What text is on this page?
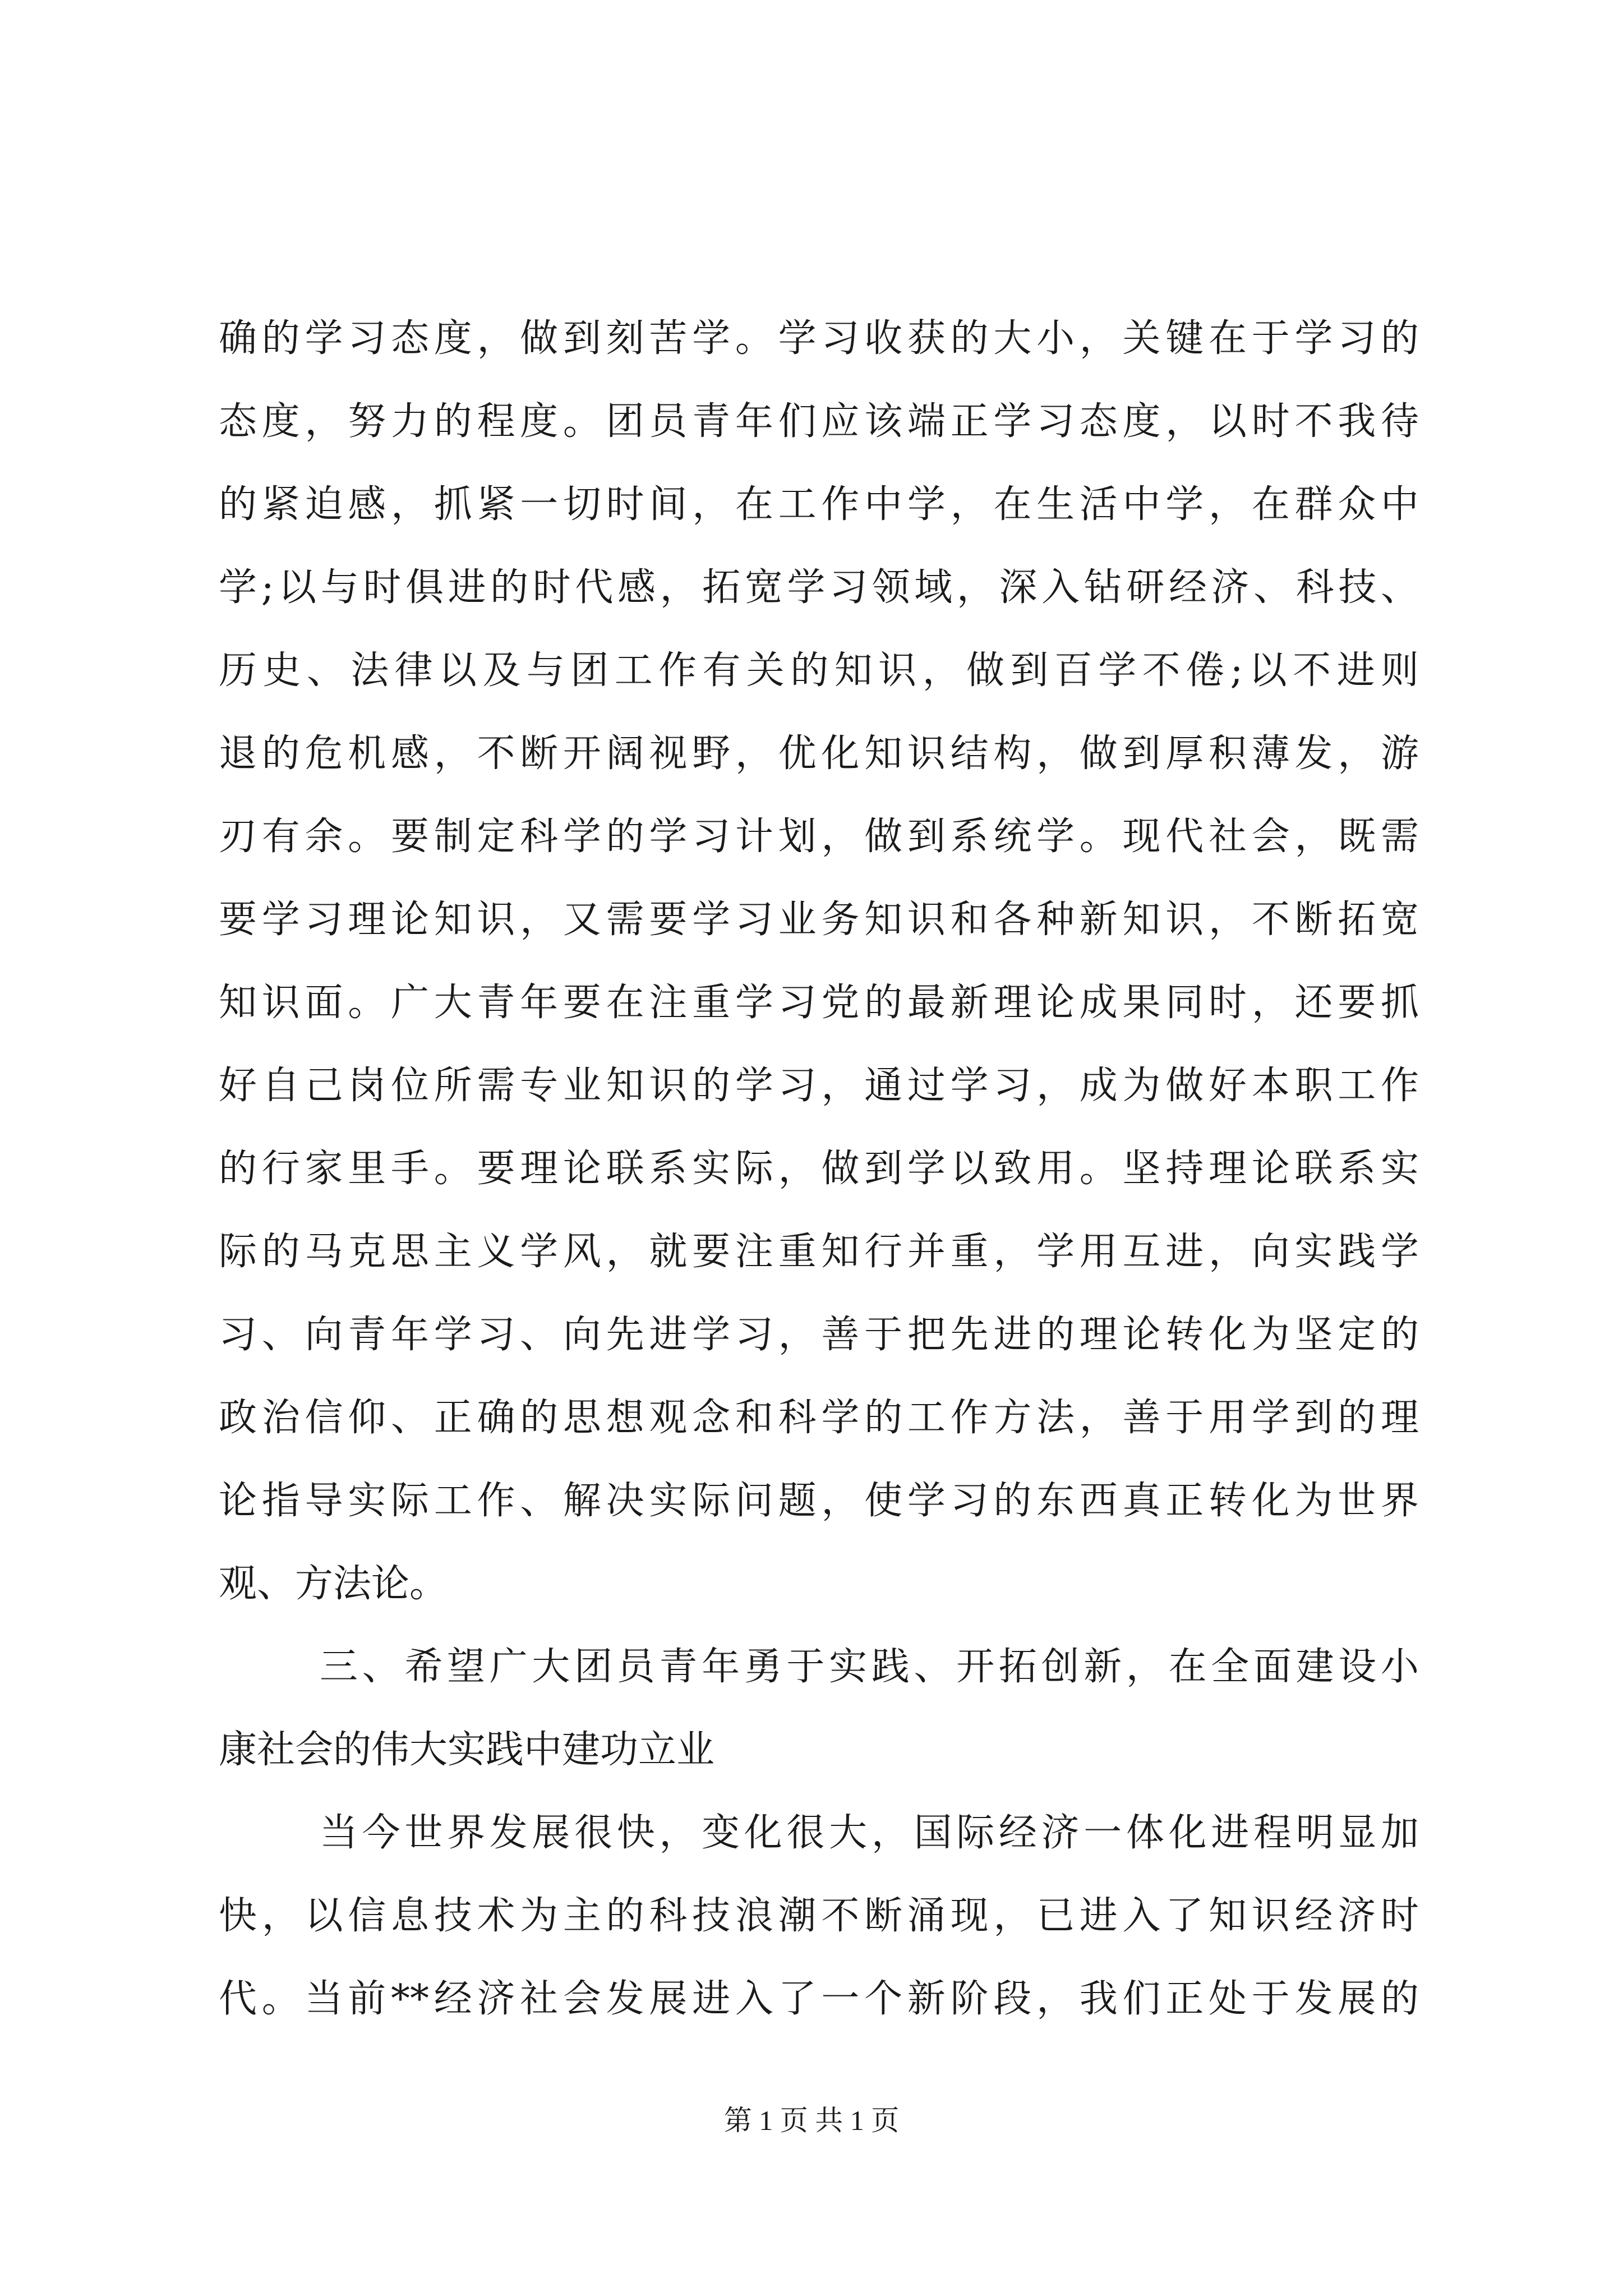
确的学习态度，做到刻苦学。学习收获的大小，关键在于学习的
态度，努力的程度。团员青年们应该端正学习态度，以时不我待
的紧迫感，抓紧一切时间，在工作中学，在生活中学，在群众中
学;以与时俱进的时代感，拓宽学习领域，深入钻研经济、科技、
历史、法律以及与团工作有关的知识，做到百学不倦;以不进则
退的危机感，不断开阔视野，优化知识结构，做到厚积薄发，游
刃有余。要制定科学的学习计划，做到系统学。现代社会，既需
要学习理论知识，又需要学习业务知识和各种新知识，不断拓宽
知识面。广大青年要在注重学习党的最新理论成果同时，还要抓
好自己岗位所需专业知识的学习，通过学习，成为做好本职工作
的行家里手。要理论联系实际，做到学以致用。坚持理论联系实
际的马克思主义学风，就要注重知行并重，学用互进，向实践学
习、向青年学习、向先进学习，善于把先进的理论转化为坚定的
政治信仰、正确的思想观念和科学的工作方法，善于用学到的理
论指导实际工作、解决实际问题，使学习的东西真正转化为世界
观、方法论。
三、希望广大团员青年勇于实践、开拓创新，在全面建设小
康社会的伟大实践中建功立业
当今世界发展很快，变化很大，国际经济一体化进程明显加
快，以信息技术为主的科技浪潮不断涌现，已进入了知识经济时
代。当前**经济社会发展进入了一个新阶段，我们正处于发展的
第 1 页 共 1 页
